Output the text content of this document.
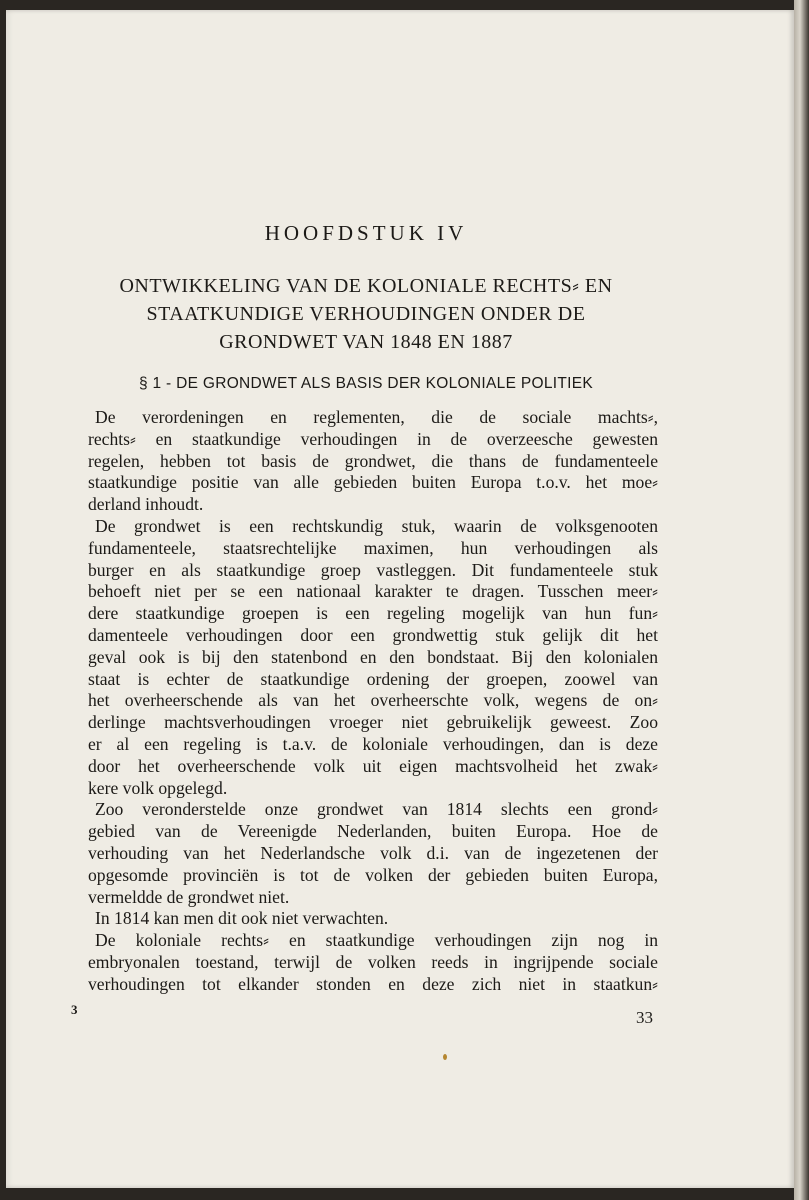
HOOFDSTUK IV
ONTWIKKELING VAN DE KOLONIALE RECHTS⸗ EN
STAATKUNDIGE VERHOUDINGEN ONDER DE
GRONDWET VAN 1848 EN 1887
§ 1 - DE GRONDWET ALS BASIS DER KOLONIALE POLITIEK

De verordeningen en reglementen, die de sociale machts⸗,
rechts⸗ en staatkundige verhoudingen in de overzeesche gewesten
regelen, hebben tot basis de grondwet, die thans de fundamenteele
staatkundige positie van alle gebieden buiten Europa t.o.v. het moe⸗
derland inhoudt.

De grondwet is een rechtskundig stuk, waarin de volksgenooten
fundamenteele, staatsrechtelijke maximen, hun verhoudingen als
burger en als staatkundige groep vastleggen. Dit fundamenteele stuk
behoeft niet per se een nationaal karakter te dragen. Tusschen meer⸗
dere staatkundige groepen is een regeling mogelijk van hun fun⸗
damenteele verhoudingen door een grondwettig stuk gelijk dit het
geval ook is bij den statenbond en den bondstaat. Bij den kolonialen
staat is echter de staatkundige ordening der groepen, zoowel van
het overheerschende als van het overheerschte volk, wegens de on⸗
derlinge machtsverhoudingen vroeger niet gebruikelijk geweest. Zoo
er al een regeling is t.a.v. de koloniale verhoudingen, dan is deze
door het overheerschende volk uit eigen machtsvolheid het zwak⸗
kere volk opgelegd.

Zoo veronderstelde onze grondwet van 1814 slechts een grond⸗
gebied van de Vereenigde Nederlanden, buiten Europa. Hoe de
verhouding van het Nederlandsche volk d.i. van de ingezetenen der
opgesomde provinciën is tot de volken der gebieden buiten Europa,
vermeldde de grondwet niet.

In 1814 kan men dit ook niet verwachten.

De koloniale rechts⸗ en staatkundige verhoudingen zijn nog in
embryonalen toestand, terwijl de volken reeds in ingrijpende sociale
verhoudingen tot elkander stonden en deze zich niet in staatkun⸗

3	33
